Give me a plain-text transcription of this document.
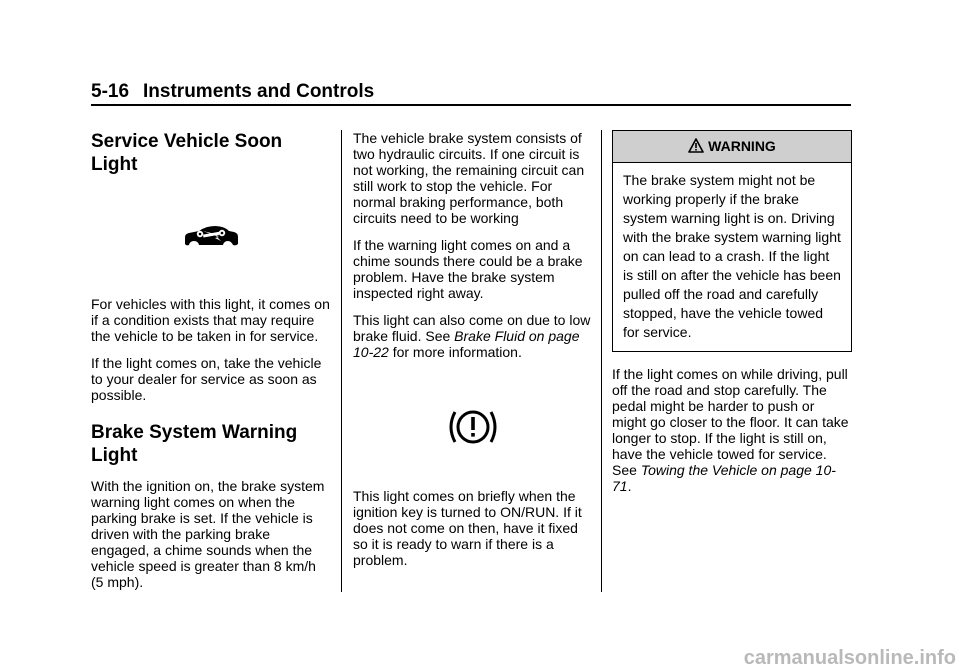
5-16 Instruments and Controls
Service Vehicle Soon Light

For vehicles with this light, it comes on if a condition exists that may require the vehicle to be taken in for service.

If the light comes on, take the vehicle to your dealer for service as soon as possible.

Brake System Warning Light

With the ignition on, the brake system warning light comes on when the parking brake is set. If the vehicle is driven with the parking brake engaged, a chime sounds when the vehicle speed is greater than 8 km/h (5 mph).

The vehicle brake system consists of two hydraulic circuits. If one circuit is not working, the remaining circuit can still work to stop the vehicle. For normal braking performance, both circuits need to be working

If the warning light comes on and a chime sounds there could be a brake problem. Have the brake system inspected right away.

This light can also come on due to low brake fluid. See Brake Fluid on page 10-22 for more information.

This light comes on briefly when the ignition key is turned to ON/RUN. If it does not come on then, have it fixed so it is ready to warn if there is a problem.

WARNING
The brake system might not be working properly if the brake system warning light is on. Driving with the brake system warning light on can lead to a crash. If the light is still on after the vehicle has been pulled off the road and carefully stopped, have the vehicle towed for service.

If the light comes on while driving, pull off the road and stop carefully. The pedal might be harder to push or might go closer to the floor. It can take longer to stop. If the light is still on, have the vehicle towed for service. See Towing the Vehicle on page 10-71.

carmanualsonline.info
